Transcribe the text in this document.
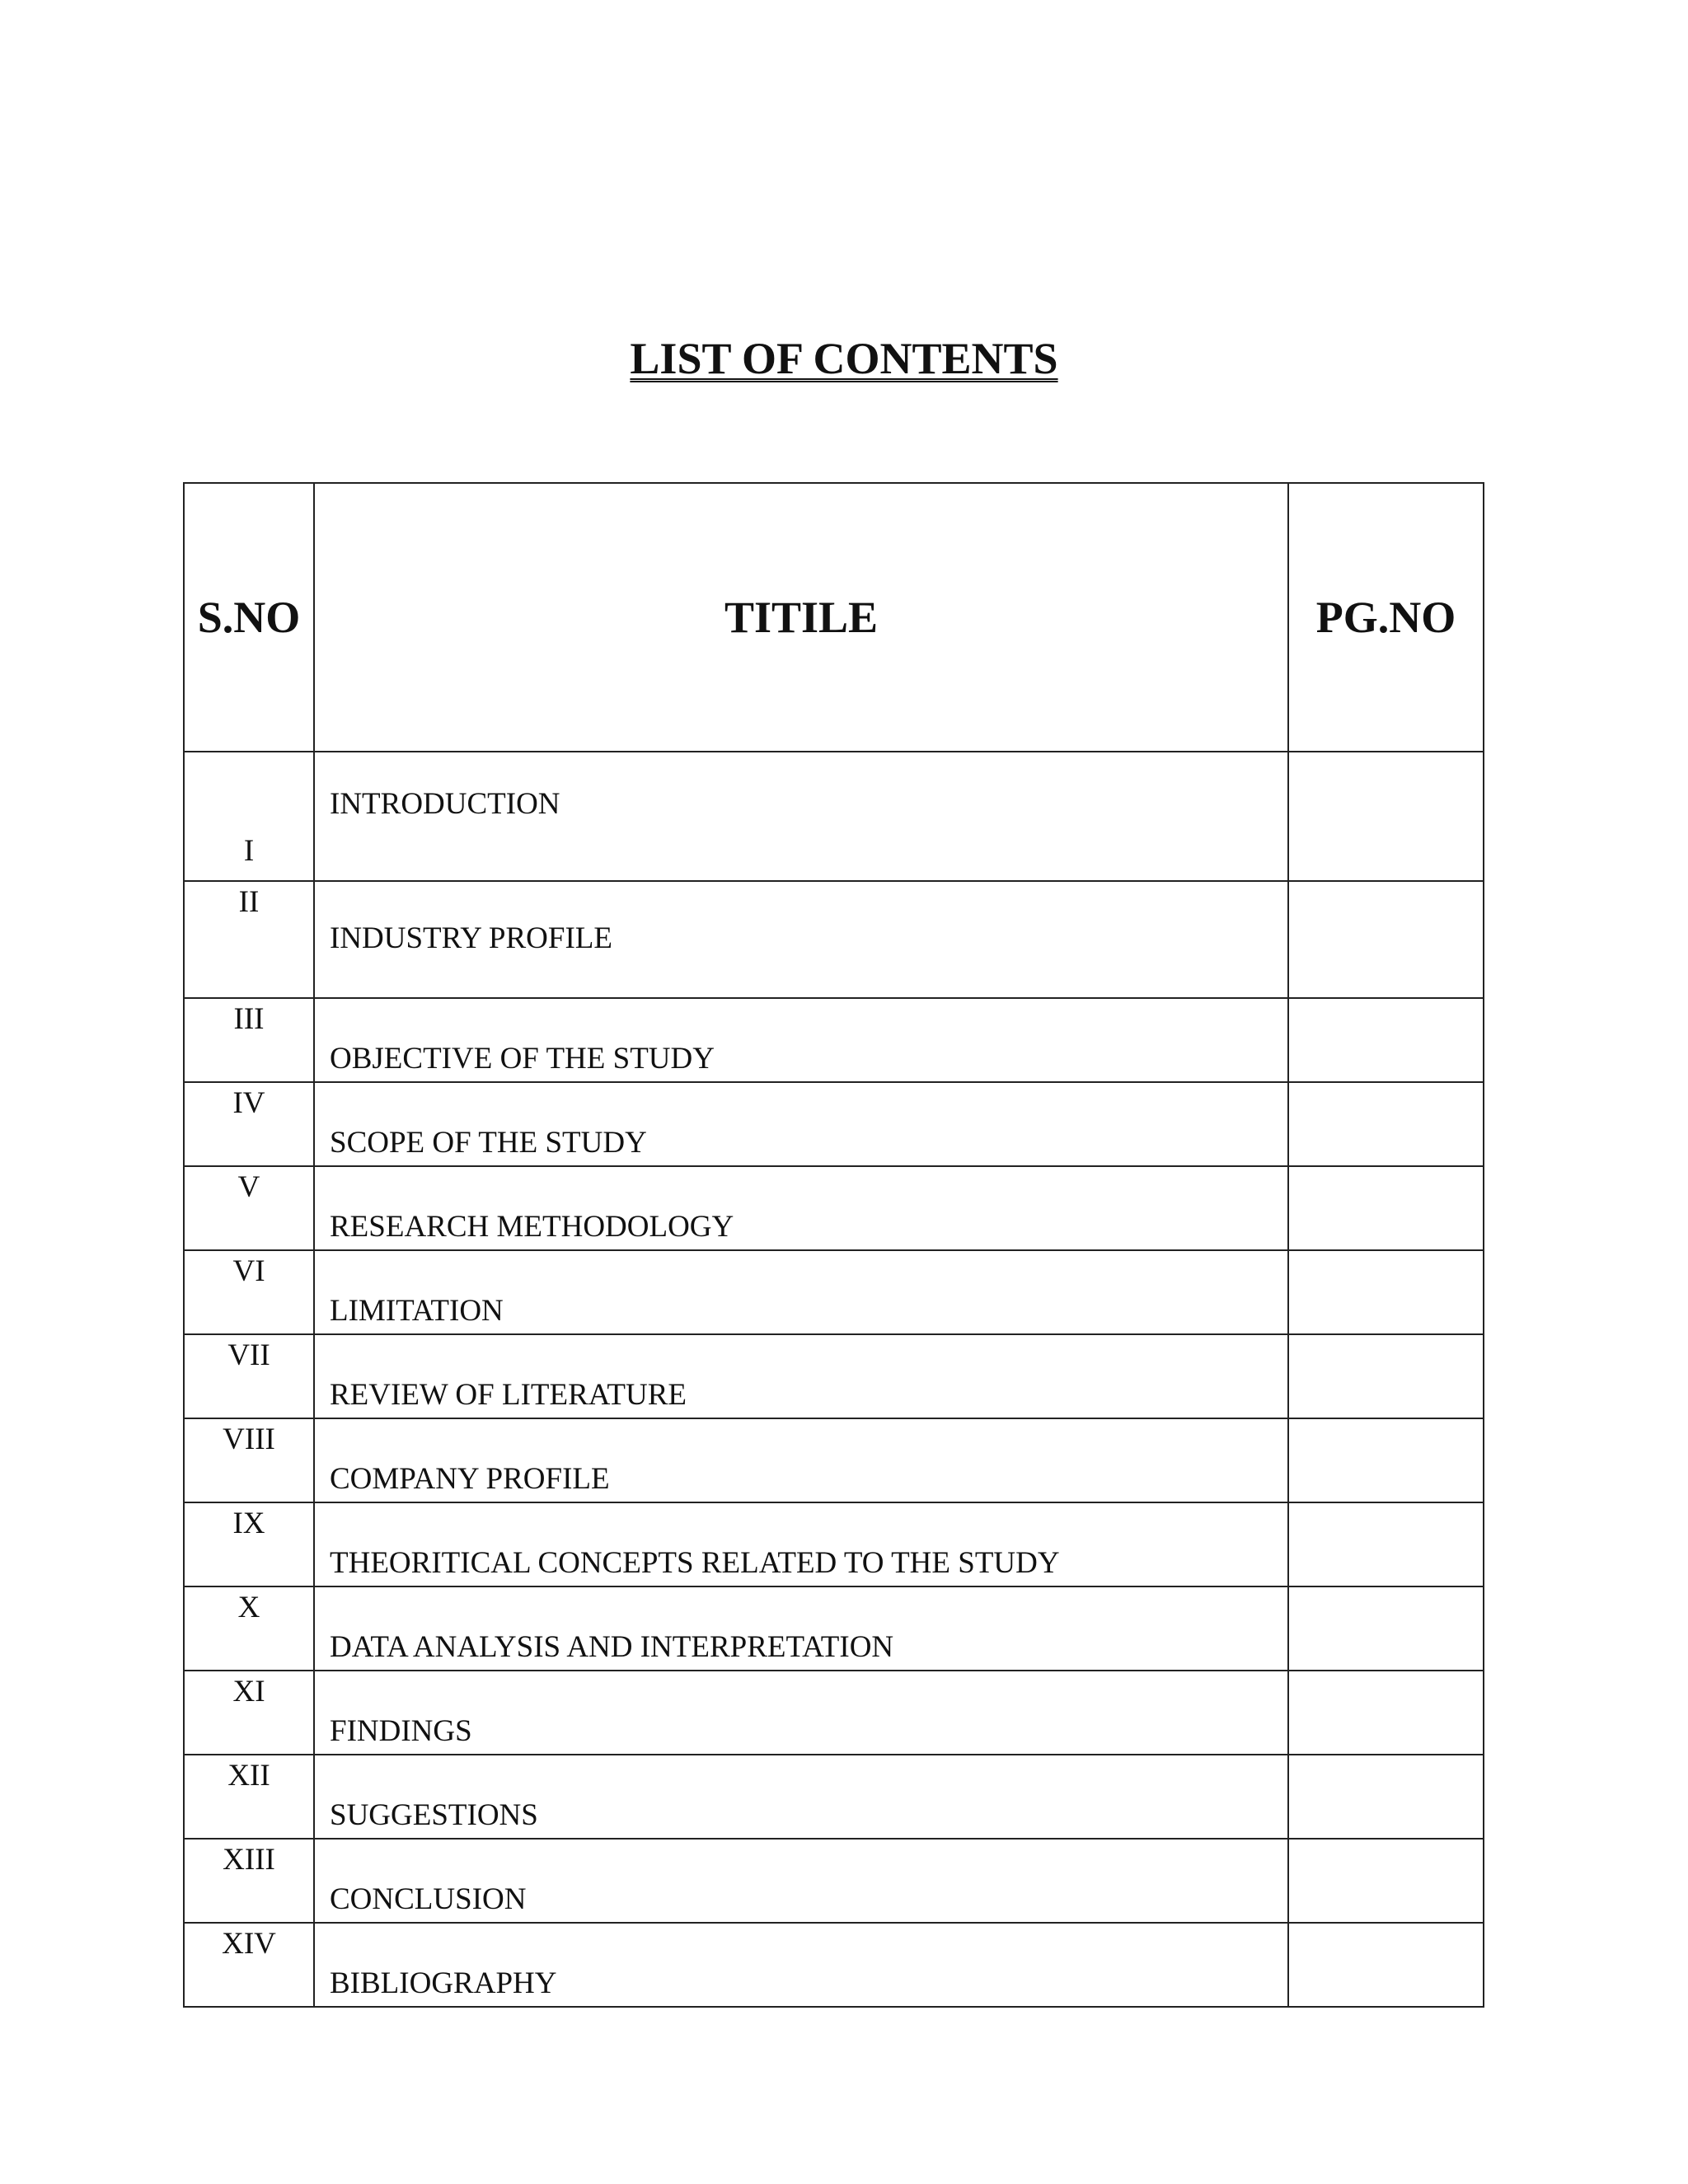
LIST OF CONTENTS
S.NO	TITILE	PG.NO

I	INTRODUCTION	

II	INDUSTRY PROFILE	

III	OBJECTIVE OF THE STUDY	

IV	SCOPE OF THE STUDY	

V	RESEARCH METHODOLOGY	

VI	LIMITATION	

VII	REVIEW OF LITERATURE	

VIII	COMPANY PROFILE	

IX	THEORITICAL CONCEPTS RELATED TO THE STUDY	

X	DATA ANALYSIS AND INTERPRETATION	

XI	FINDINGS	

XII	SUGGESTIONS	

XIII	CONCLUSION	

XIV	BIBLIOGRAPHY	
